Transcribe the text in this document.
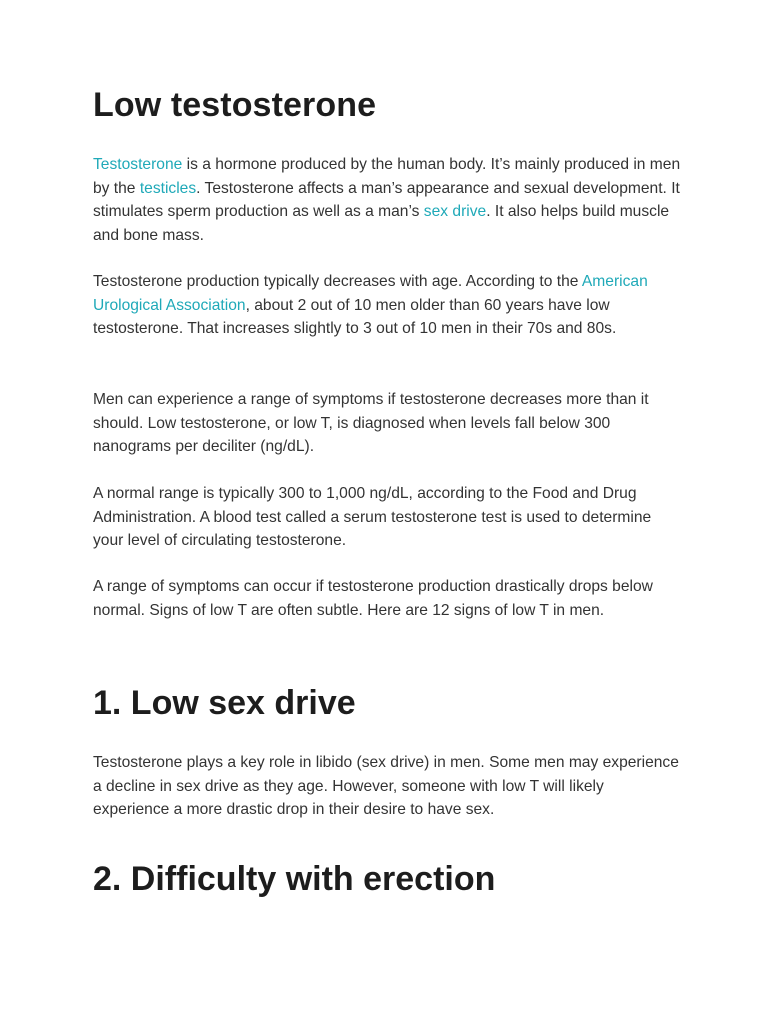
Low testosterone

Testosterone is a hormone produced by the human body. It’s mainly produced in men by the testicles. Testosterone affects a man’s appearance and sexual development. It stimulates sperm production as well as a man’s sex drive. It also helps build muscle and bone mass.

Testosterone production typically decreases with age. According to the American Urological Association, about 2 out of 10 men older than 60 years have low testosterone. That increases slightly to 3 out of 10 men in their 70s and 80s.

Men can experience a range of symptoms if testosterone decreases more than it should. Low testosterone, or low T, is diagnosed when levels fall below 300 nanograms per deciliter (ng/dL).

A normal range is typically 300 to 1,000 ng/dL, according to the Food and Drug Administration. A blood test called a serum testosterone test is used to determine your level of circulating testosterone.

A range of symptoms can occur if testosterone production drastically drops below normal. Signs of low T are often subtle. Here are 12 signs of low T in men.

1. Low sex drive

Testosterone plays a key role in libido (sex drive) in men. Some men may experience a decline in sex drive as they age. However, someone with low T will likely experience a more drastic drop in their desire to have sex.

2. Difficulty with erection
